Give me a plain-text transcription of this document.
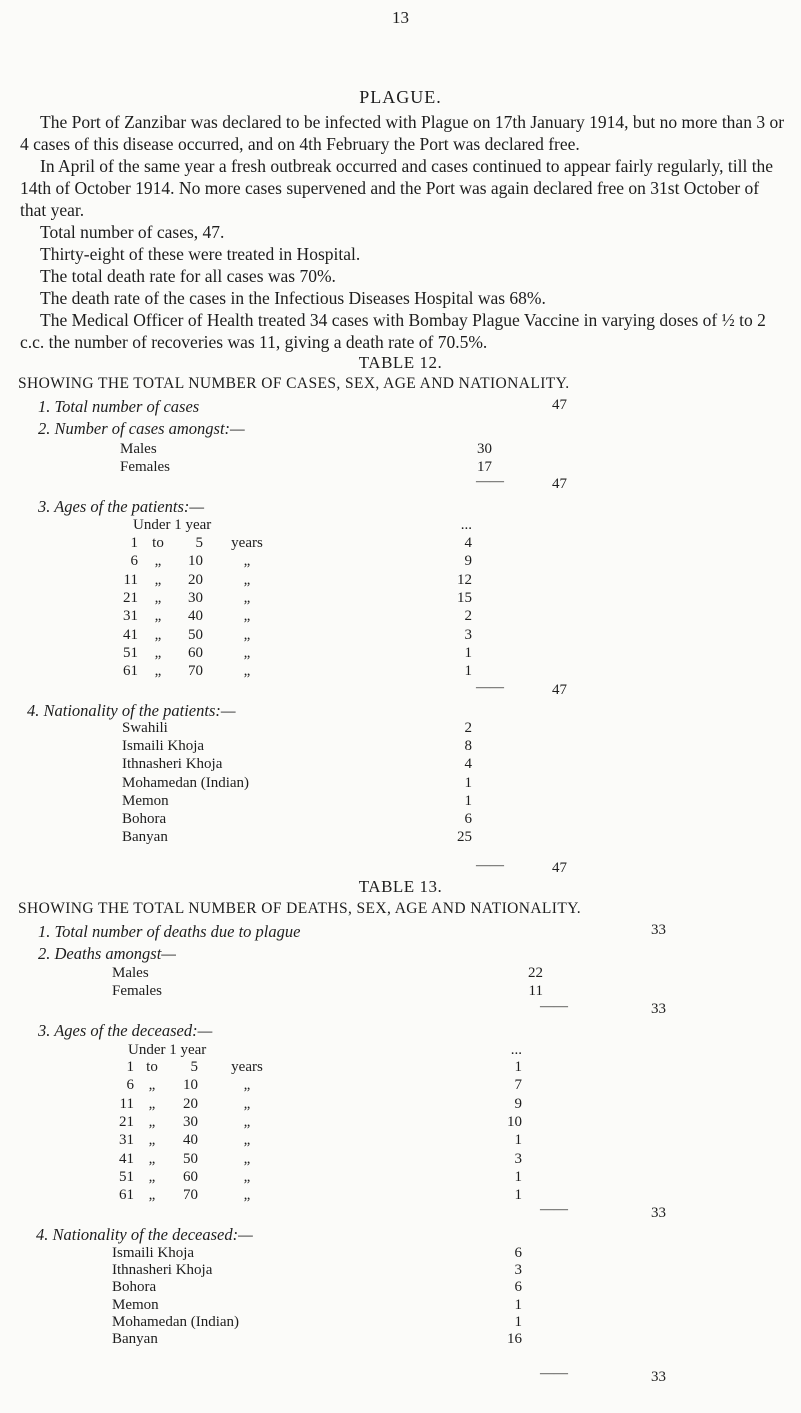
13
PLAGUE.

The Port of Zanzibar was declared to be infected with Plague on 17th January 1914, but no more than 3 or 4 cases of this disease occurred, and on 4th February the Port was declared free.

In April of the same year a fresh outbreak occurred and cases continued to appear fairly regularly, till the 14th of October 1914. No more cases supervened and the Port was again declared free on 31st October of that year.

Total number of cases, 47.

Thirty-eight of these were treated in Hospital.

The total death rate for all cases was 70%.

The death rate of the cases in the Infectious Diseases Hospital was 68%.

The Medical Officer of Health treated 34 cases with Bombay Plague Vaccine in varying doses of ½ to 2 c.c. the number of recoveries was 11, giving a death rate of 70.5%.

TABLE 12.
SHOWING THE TOTAL NUMBER OF CASES, SEX, AGE AND NATIONALITY.
1. Total number of cases	47
2. Number of cases amongst:—
Males	30
Females	17
——	47
3. Ages of the patients:—
Under 1 year	...
1 to	5	years	4
6	„	10	„	9
11	„	20	„	12
21	„	30	„	15
31	„	40	„	2
41	„	50	„	3
51	„	60	„	1
61	„	70	„	1
——	47
4. Nationality of the patients:—
Swahili	2
Ismaili Khoja	8
Ithnasheri Khoja	4
Mohamedan (Indian)	1
Memon	1
Bohora	6
Banyan	25
——	47
TABLE 13.
SHOWING THE TOTAL NUMBER OF DEATHS, SEX, AGE AND NATIONALITY.
1. Total number of deaths due to plague	33
2. Deaths amongst—
Males	22
Females	11
——	33
3. Ages of the deceased:—
Under 1 year	...
1 to	5	years	1
6 „	10	„	7
11 „	20	„	9
21 „	30	„	10
31 „	40	„	1
41 „	50	„	3
51 „	60	„	1
61 „	70	„	1
——	33
4. Nationality of the deceased:—
Ismaili Khoja	6
Ithnasheri Khoja	3
Bohora	6
Memon	1
Mohamedan (Indian)	1
Banyan	16
——	33
